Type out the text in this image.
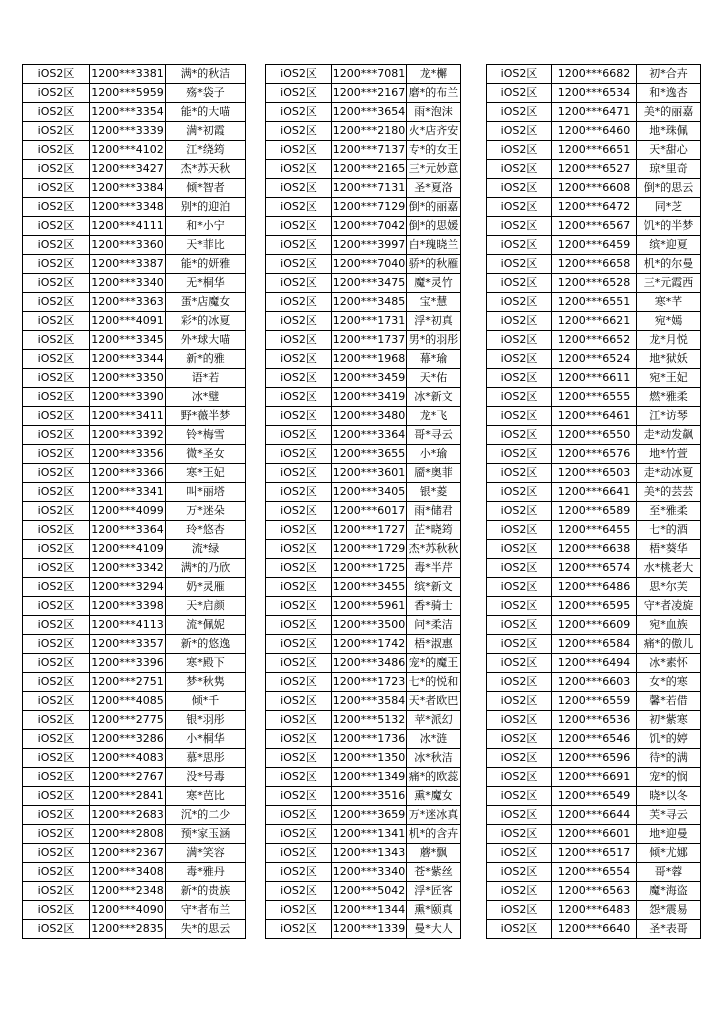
iOS2区	1200***3381	满*的秋洁
iOS2区	1200***5959	殇*袋子
iOS2区	1200***3354	能*的大喵
iOS2区	1200***3339	满*初霞
iOS2区	1200***4102	江*绕筠
iOS2区	1200***3427	杰*苏天秋
iOS2区	1200***3384	倾*智者
iOS2区	1200***3348	别*的迎泊
iOS2区	1200***4111	和*小宁
iOS2区	1200***3360	天*菲比
iOS2区	1200***3387	能*的妍雅
iOS2区	1200***3340	无*桐华
iOS2区	1200***3363	蛋*店魔女
iOS2区	1200***4091	彩*的冰夏
iOS2区	1200***3345	外*球大喵
iOS2区	1200***3344	新*的雅
iOS2区	1200***3350	语*若
iOS2区	1200***3390	冰*璧
iOS2区	1200***3411	野*薇半梦
iOS2区	1200***3392	铃*梅雪
iOS2区	1200***3356	微*圣女
iOS2区	1200***3366	寒*王妃
iOS2区	1200***3341	叫*丽塔
iOS2区	1200***4099	万*迷朵
iOS2区	1200***3364	玲*悠杏
iOS2区	1200***4109	流*绿
iOS2区	1200***3342	满*的乃欣
iOS2区	1200***3294	奶*灵雁
iOS2区	1200***3398	天*启颜
iOS2区	1200***4113	流*佩妮
iOS2区	1200***3357	新*的悠逸
iOS2区	1200***3396	寒*殿下
iOS2区	1200***2751	梦*秋隽
iOS2区	1200***4085	倾*千
iOS2区	1200***2775	银*羽彤
iOS2区	1200***3286	小*桐华
iOS2区	1200***4083	慕*思彤
iOS2区	1200***2767	没*号毒
iOS2区	1200***2841	寒*芭比
iOS2区	1200***2683	沉*的二少
iOS2区	1200***2808	预*家玉涵
iOS2区	1200***2367	满*笑容
iOS2区	1200***3408	毒*雅丹
iOS2区	1200***2348	新*的贵族
iOS2区	1200***4090	守*者布兰
iOS2区	1200***2835	失*的思云
iOS2区	1200***7081	龙*檞
iOS2区	1200***2167	磨*的布兰
iOS2区	1200***3654	雨*泡沫
iOS2区	1200***2180	火*店齐安
iOS2区	1200***7137	专*的女王
iOS2区	1200***2165	三*元妙意
iOS2区	1200***7131	圣*夏洛
iOS2区	1200***7129	倒*的丽嘉
iOS2区	1200***7042	倒*的思媛
iOS2区	1200***3997	白*瑰晓兰
iOS2区	1200***7040	骄*的秋雁
iOS2区	1200***3475	魔*灵竹
iOS2区	1200***3485	宝*慧
iOS2区	1200***1731	浮*初真
iOS2区	1200***1737	男*的羽彤
iOS2区	1200***1968	幕*瑜
iOS2区	1200***3459	天*佑
iOS2区	1200***3419	冰*新文
iOS2区	1200***3480	龙*飞
iOS2区	1200***3364	哥*寻云
iOS2区	1200***3655	小*瑜
iOS2区	1200***3601	靥*奥菲
iOS2区	1200***3405	银*菱
iOS2区	1200***6017	雨*储君
iOS2区	1200***1727	芷*晓筠
iOS2区	1200***1729	杰*苏秋秋
iOS2区	1200***1725	毒*半芹
iOS2区	1200***3455	缤*新文
iOS2区	1200***5961	香*骑士
iOS2区	1200***3500	问*柔洁
iOS2区	1200***1742	梧*淑惠
iOS2区	1200***3486	宠*的魔王
iOS2区	1200***1723	七*的悦和
iOS2区	1200***3584	天*者欧巴
iOS2区	1200***5132	苹*派幻
iOS2区	1200***1736	冰*涟
iOS2区	1200***1350	冰*秋洁
iOS2区	1200***1349	痛*的欧蕊
iOS2区	1200***3516	熏*魔女
iOS2区	1200***3659	万*迷冰真
iOS2区	1200***1341	机*的含卉
iOS2区	1200***1343	蘑*飘
iOS2区	1200***3340	苍*紫丝
iOS2区	1200***5042	浮*匠客
iOS2区	1200***1344	熏*颐真
iOS2区	1200***1339	曼*大人
iOS2区	1200***6682	初*合卉
iOS2区	1200***6534	和*逸杏
iOS2区	1200***6471	美*的丽嘉
iOS2区	1200***6460	地*珠佩
iOS2区	1200***6651	天*甜心
iOS2区	1200***6527	琼*里奇
iOS2区	1200***6608	倒*的思云
iOS2区	1200***6472	同*芝
iOS2区	1200***6567	饥*的半梦
iOS2区	1200***6459	缤*迎夏
iOS2区	1200***6658	机*的尔曼
iOS2区	1200***6528	三*元霞西
iOS2区	1200***6551	寒*芊
iOS2区	1200***6621	宛*嫣
iOS2区	1200***6652	龙*月悦
iOS2区	1200***6524	地*狱妖
iOS2区	1200***6611	宛*王妃
iOS2区	1200***6555	燃*雅柔
iOS2区	1200***6461	江*访琴
iOS2区	1200***6550	走*动发飙
iOS2区	1200***6576	地*竹萱
iOS2区	1200***6503	走*动冰夏
iOS2区	1200***6641	美*的芸芸
iOS2区	1200***6589	至*雅柔
iOS2区	1200***6455	七*的酒
iOS2区	1200***6638	梧*葵华
iOS2区	1200***6574	水*桃老大
iOS2区	1200***6486	思*尔芙
iOS2区	1200***6595	守*者凌旋
iOS2区	1200***6609	宛*血族
iOS2区	1200***6584	痛*的傲儿
iOS2区	1200***6494	冰*素怀
iOS2区	1200***6603	女*的寒
iOS2区	1200***6559	馨*若借
iOS2区	1200***6536	初*紫寒
iOS2区	1200***6546	饥*的婷
iOS2区	1200***6596	待*的满
iOS2区	1200***6691	宠*的悯
iOS2区	1200***6549	晓*以冬
iOS2区	1200***6644	芙*寻云
iOS2区	1200***6601	地*迎曼
iOS2区	1200***6517	倾*尤娜
iOS2区	1200***6554	哥*蓉
iOS2区	1200***6563	魔*海盗
iOS2区	1200***6483	怨*震易
iOS2区	1200***6640	圣*表哥
